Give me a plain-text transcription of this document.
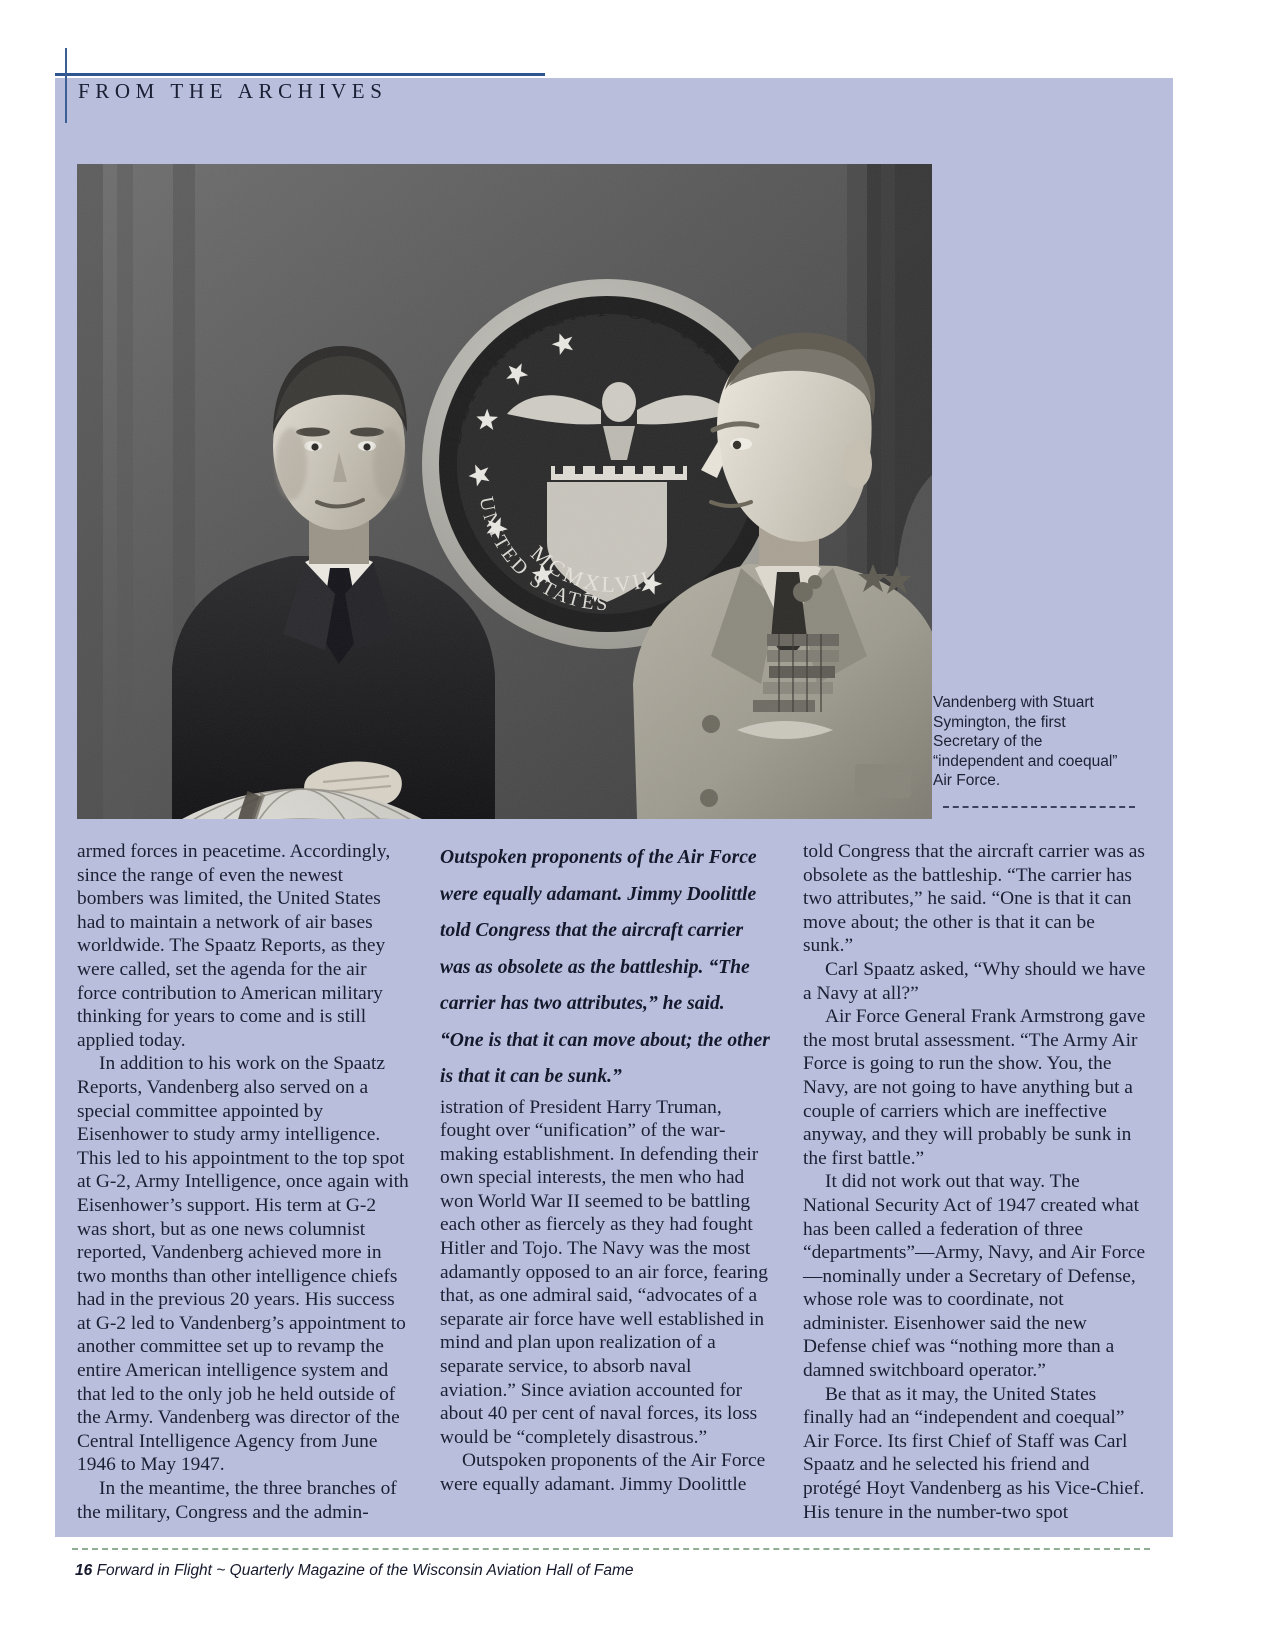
FROM THE ARCHIVES
Vandenberg with Stuart Symington, the first Secretary of the “independent and coequal” Air Force.

armed forces in peacetime. Accordingly, since the range of even the newest bombers was limited, the United States had to maintain a network of air bases worldwide. The Spaatz Reports, as they were called, set the agenda for the air force contribution to American military thinking for years to come and is still applied today.

In addition to his work on the Spaatz Reports, Vandenberg also served on a special committee appointed by Eisenhower to study army intelligence. This led to his appointment to the top spot at G-2, Army Intelligence, once again with Eisenhower’s support. His term at G-2 was short, but as one news columnist reported, Vandenberg achieved more in two months than other intelligence chiefs had in the previous 20 years. His success at G-2 led to Vandenberg’s appointment to another committee set up to revamp the entire American intelligence system and that led to the only job he held outside of the Army. Vandenberg was director of the Central Intelligence Agency from June 1946 to May 1947.

In the meantime, the three branches of the military, Congress and the admin-

Outspoken proponents of the Air Force were equally adamant. Jimmy Doolittle told Congress that the aircraft carrier was as obsolete as the battleship. “The carrier has two attributes,” he said. “One is that it can move about; the other is that it can be sunk.”

istration of President Harry Truman, fought over “unification” of the war-making establishment. In defending their own special interests, the men who had won World War II seemed to be battling each other as fiercely as they had fought Hitler and Tojo. The Navy was the most adamantly opposed to an air force, fearing that, as one admiral said, “advocates of a separate air force have well established in mind and plan upon realization of a separate service, to absorb naval aviation.” Since aviation accounted for about 40 per cent of naval forces, its loss would be “completely disastrous.”

Outspoken proponents of the Air Force were equally adamant. Jimmy Doolittle

told Congress that the aircraft carrier was as obsolete as the battleship. “The carrier has two attributes,” he said. “One is that it can move about; the other is that it can be sunk.”

Carl Spaatz asked, “Why should we have a Navy at all?”

Air Force General Frank Armstrong gave the most brutal assessment. “The Army Air Force is going to run the show. You, the Navy, are not going to have anything but a couple of carriers which are ineffective anyway, and they will probably be sunk in the first battle.”

It did not work out that way. The National Security Act of 1947 created what has been called a federation of three “departments”—Army, Navy, and Air Force—nominally under a Secretary of Defense, whose role was to coordinate, not administer. Eisenhower said the new Defense chief was “nothing more than a damned switchboard operator.”

Be that as it may, the United States finally had an “independent and coequal” Air Force. Its first Chief of Staff was Carl Spaatz and he selected his friend and protégé Hoyt Vandenberg as his Vice-Chief. His tenure in the number-two spot

16 Forward in Flight ~ Quarterly Magazine of the Wisconsin Aviation Hall of Fame
